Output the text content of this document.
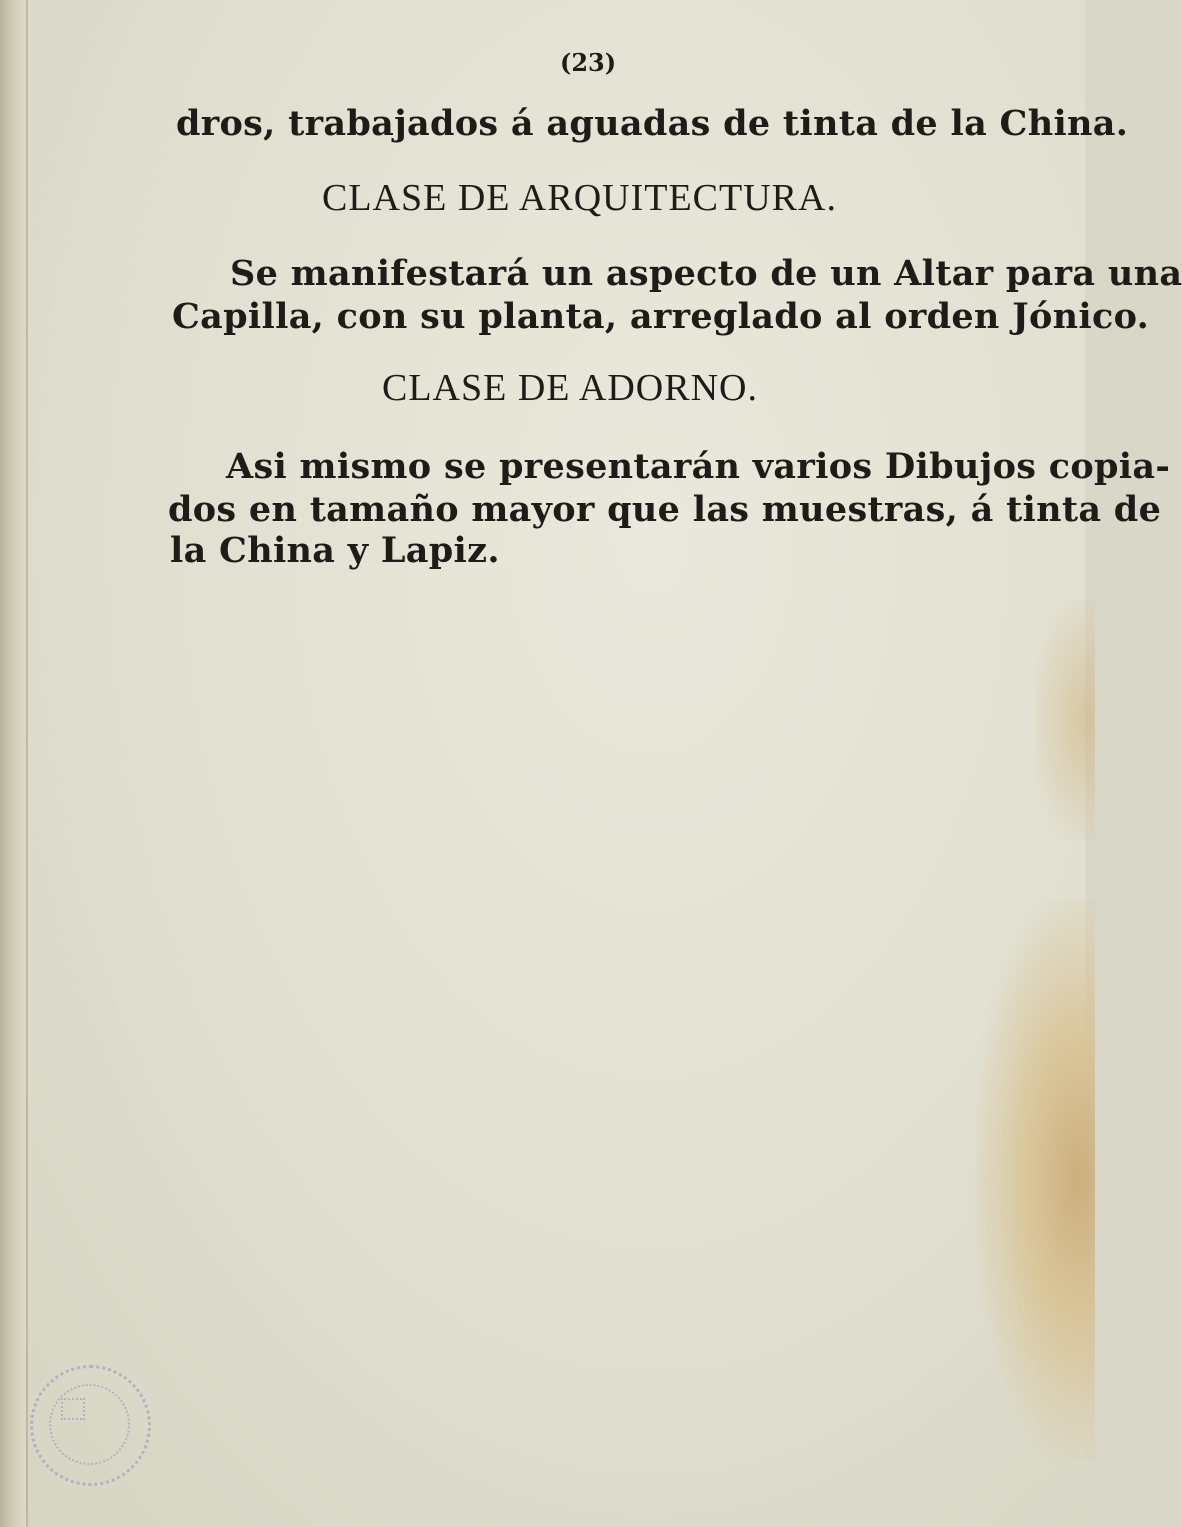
(23)
dros, trabajados á aguadas de tinta de la China.
CLASE DE ARQUITECTURA.
Se manifestará un aspecto de un Altar para una
Capilla, con su planta, arreglado al orden Jónico.
CLASE DE ADORNO.
Asi mismo se presentarán varios Dibujos copia-
dos en tamaño mayor que las muestras, á tinta de
la China y Lapiz.
